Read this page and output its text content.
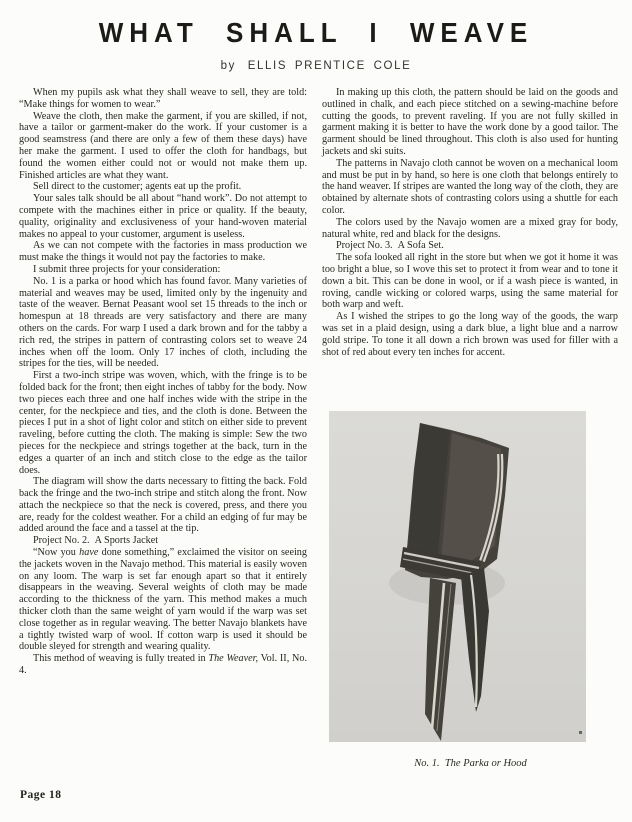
WHAT SHALL I WEAVE
by ELLIS PRENTICE COLE

When my pupils ask what they shall weave to sell, they are told: “Make things for women to wear.”

Weave the cloth, then make the garment, if you are skilled, if not, have a tailor or garment-maker do the work. If your customer is a good seamstress (and there are only a few of them these days) have her make the garment. I used to offer the cloth for handbags, but found the women either could not or would not make them up. Finished articles are what they want.

Sell direct to the customer; agents eat up the profit.

Your sales talk should be all about “hand work”. Do not attempt to compete with the machines either in price or quality. If the beauty, quality, originality and exclusiveness of your hand-woven material makes no appeal to your customer, argument is useless.

As we can not compete with the factories in mass production we must make the things it would not pay the factories to make.

I submit three projects for your consideration:

No. 1 is a parka or hood which has found favor. Many varieties of material and weaves may be used, limited only by the ingenuity and taste of the weaver. Bernat Peasant wool set 15 threads to the inch or homespun at 18 threads are very satisfactory and there are many others on the cards. For warp I used a dark brown and for the tabby a rich red, the stripes in pattern of contrasting colors set to weave 24 inches when off the loom. Only 17 inches of cloth, including the stripes for the ties, will be needed.

First a two-inch stripe was woven, which, with the fringe is to be folded back for the front; then eight inches of tabby for the body. Now two pieces each three and one half inches wide with the stripe in the center, for the neckpiece and ties, and the cloth is done. Between the pieces I put in a shot of light color and stitch on either side to prevent raveling, before cutting the cloth. The making is simple: Sew the two pieces for the neckpiece and strings together at the back, turn in the edges a quarter of an inch and stitch close to the edge as the tailor does.

The diagram will show the darts necessary to fitting the back. Fold back the fringe and the two-inch stripe and stitch along the front. Now attach the neckpiece so that the neck is covered, press, and there you are, ready for the coldest weather. For a child an edging of fur may be added around the face and a tassel at the tip.

Project No. 2. A Sports Jacket

“Now you have done something,” exclaimed the visitor on seeing the jackets woven in the Navajo method. This material is easily woven on any loom. The warp is set far enough apart so that it entirely disappears in the weaving. Several weights of cloth may be made according to the thickness of the yarn. This method makes a much thicker cloth than the same weight of yarn would if the warp was set close together as in regular weaving. The better Navajo blankets have a tightly twisted warp of wool. If cotton warp is used it should be double sleyed for strength and wearing quality.

This method of weaving is fully treated in The Weaver, Vol. II, No. 4.

In making up this cloth, the pattern should be laid on the goods and outlined in chalk, and each piece stitched on a sewing-machine before cutting the goods, to prevent raveling. If you are not fully skilled in garment making it is better to have the work done by a good tailor. The garment should be lined throughout. This cloth is also used for hunting jackets and ski suits.

The patterns in Navajo cloth cannot be woven on a mechanical loom and must be put in by hand, so here is one cloth that belongs entirely to the hand weaver. If stripes are wanted the long way of the cloth, they are obtained by alternate shots of contrasting colors using a shuttle for each color.

The colors used by the Navajo women are a mixed gray for body, natural white, red and black for the designs.

Project No. 3. A Sofa Set.

The sofa looked all right in the store but when we got it home it was too bright a blue, so I wove this set to protect it from wear and to tone it down a bit. This can be done in wool, or if a wash piece is wanted, in roving, candle wicking or colored warps, using the same material for both warp and weft.

As I wished the stripes to go the long way of the goods, the warp was set in a plaid design, using a dark blue, a light blue and a narrow gold stripe. To tone it all down a rich brown was used for filler with a shot of red about every ten inches for accent.

No. 1. The Parka or Hood
Page 18
